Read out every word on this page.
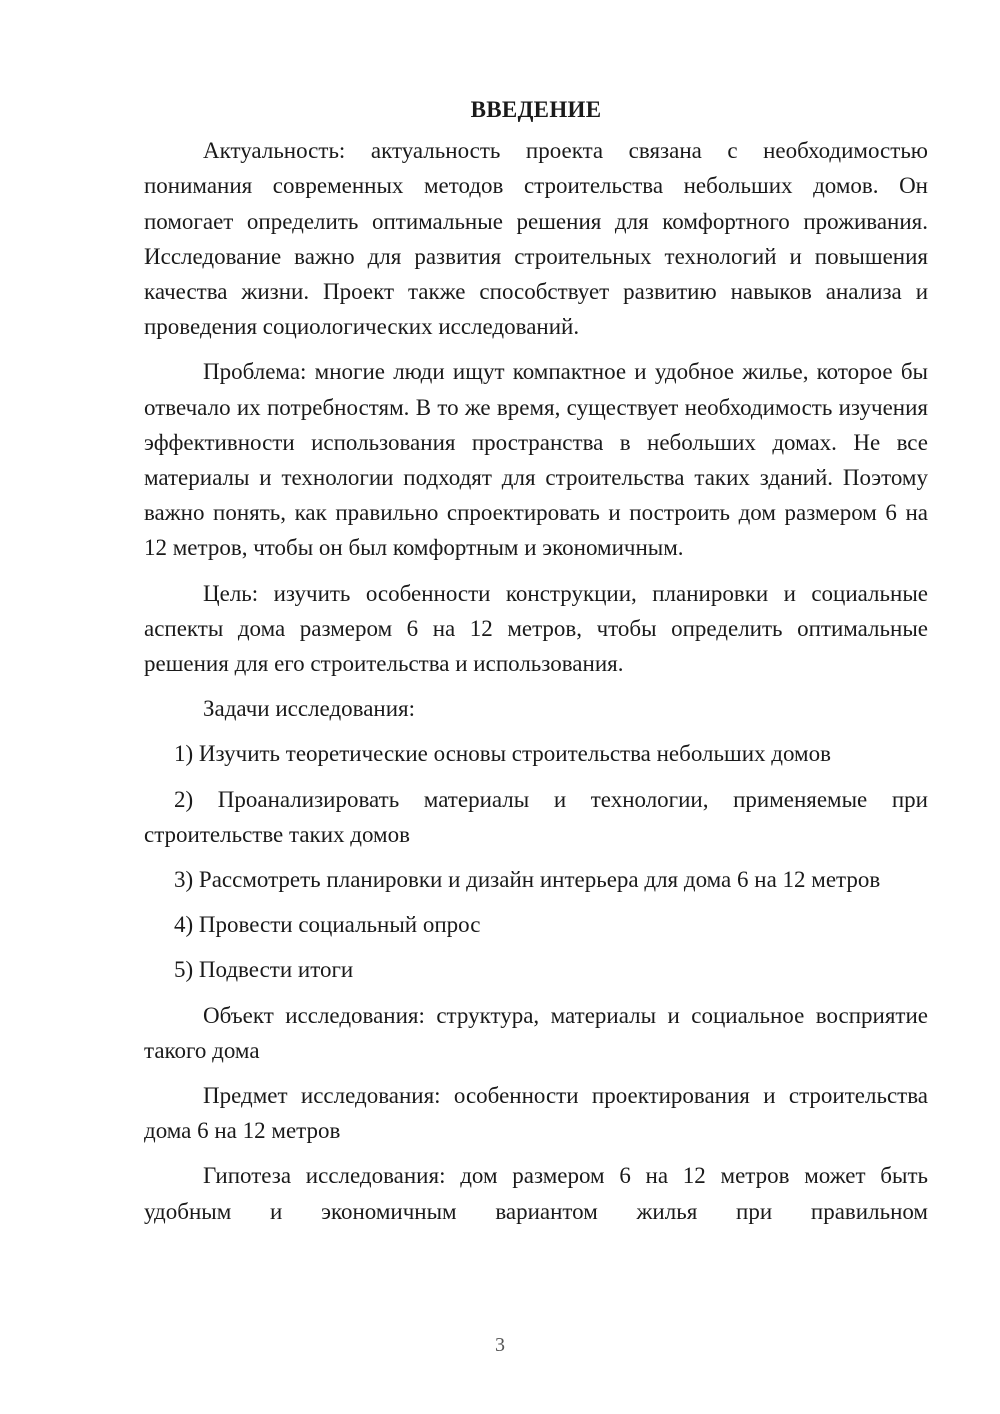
ВВЕДЕНИЕ

Актуальность: актуальность проекта связана с необходимостью понимания современных методов строительства небольших домов. Он помогает определить оптимальные решения для комфортного проживания. Исследование важно для развития строительных технологий и повышения качества жизни. Проект также способствует развитию навыков анализа и проведения социологических исследований.

Проблема: многие люди ищут компактное и удобное жилье, которое бы отвечало их потребностям. В то же время, существует необходимость изучения эффективности использования пространства в небольших домах. Не все материалы и технологии подходят для строительства таких зданий. Поэтому важно понять, как правильно спроектировать и построить дом размером 6 на 12 метров, чтобы он был комфортным и экономичным.

Цель: изучить особенности конструкции, планировки и социальные аспекты дома размером 6 на 12 метров, чтобы определить оптимальные решения для его строительства и использования.

Задачи исследования:

1) Изучить теоретические основы строительства небольших домов

2) Проанализировать материалы и технологии, применяемые при строительстве таких домов

3) Рассмотреть планировки и дизайн интерьера для дома 6 на 12 метров

4) Провести социальный опрос

5) Подвести итоги

Объект исследования: структура, материалы и социальное восприятие такого дома

Предмет исследования: особенности проектирования и строительства дома 6 на 12 метров

Гипотеза исследования: дом размером 6 на 12 метров может быть удобным и экономичным вариантом жилья при правильном

3
